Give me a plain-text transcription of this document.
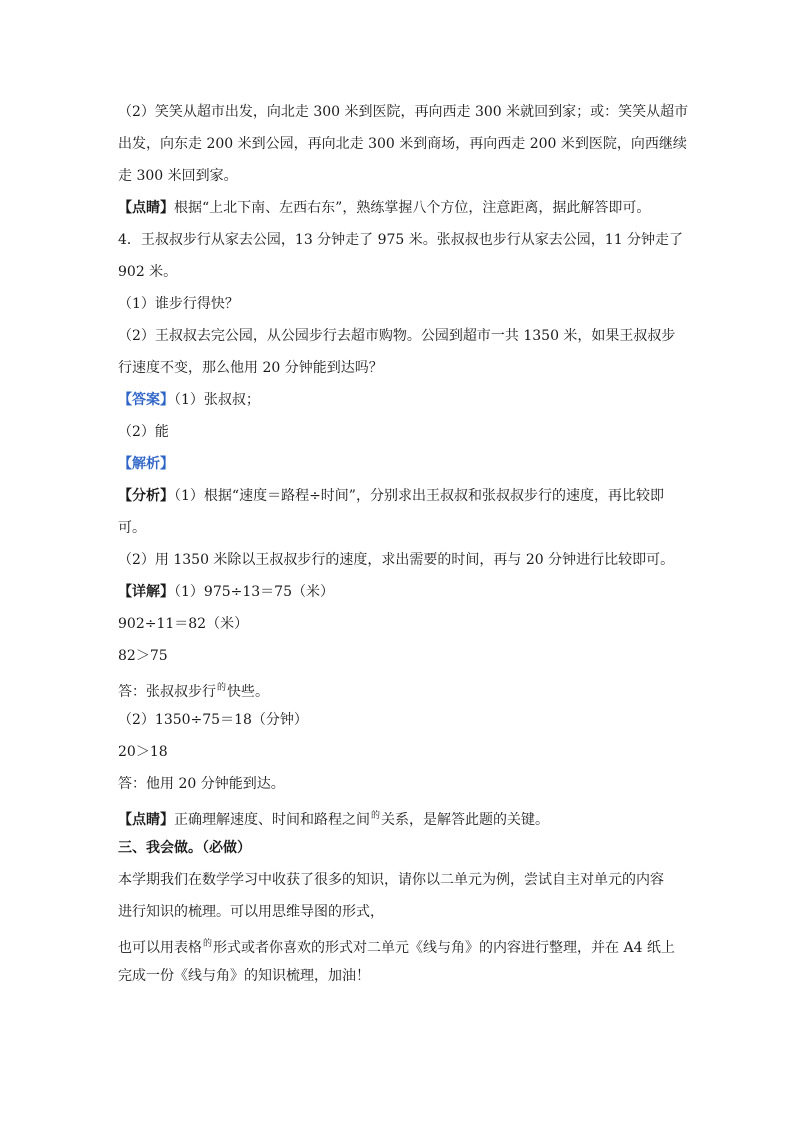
（2）笑笑从超市出发，向北走 300 米到医院，再向西走 300 米就回到家；或：笑笑从超市
出发，向东走 200 米到公园，再向北走 300 米到商场，再向西走 200 米到医院，向西继续
走 300 米回到家。
【点睛】根据“上北下南、左西右东”，熟练掌握八个方位，注意距离，据此解答即可。
4．王叔叔步行从家去公园，13 分钟走了 975 米。张叔叔也步行从家去公园，11 分钟走了
902 米。
（1）谁步行得快？
（2）王叔叔去完公园，从公园步行去超市购物。公园到超市一共 1350 米，如果王叔叔步
行速度不变，那么他用 20 分钟能到达吗？
【答案】（1）张叔叔；
（2）能
【解析】
【分析】（1）根据“速度＝路程÷时间”，分别求出王叔叔和张叔叔步行的速度，再比较即
可。
（2）用 1350 米除以王叔叔步行的速度，求出需要的时间，再与 20 分钟进行比较即可。
【详解】（1）975÷13＝75（米）
902÷11＝82（米）
82＞75
答：张叔叔步行$^的$快些。
（2）1350÷75＝18（分钟）
20＞18
答：他用 20 分钟能到达。
【点睛】正确理解速度、时间和路程之间$^的$关系，是解答此题的关键。
三、我会做。（必做）
本学期我们在数学学习中收获了很多的知识，请你以二单元为例，尝试自主对单元的内容
进行知识的梳理。可以用思维导图的形式，
也可以用表格$^的$形式或者你喜欢的形式对二单元《线与角》的内容进行整理，并在 A4 纸上
完成一份《线与角》的知识梳理，加油！
